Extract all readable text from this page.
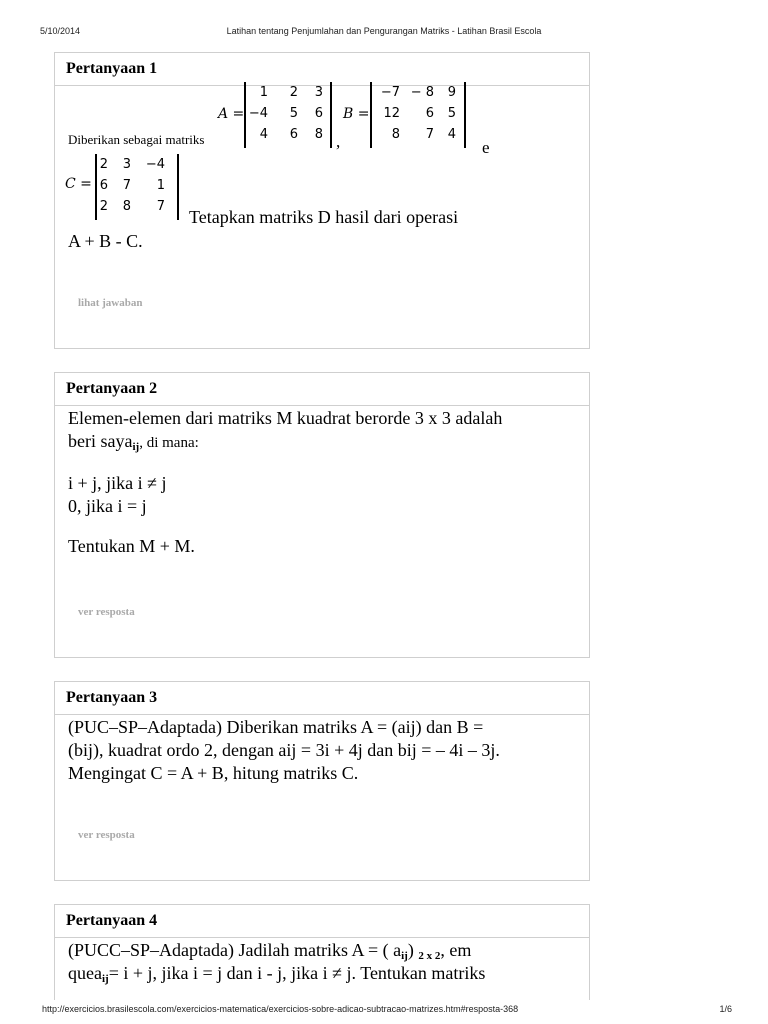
5/10/2014	Latihan tentang Penjumlahan dan Pengurangan Matriks - Latihan Brasil Escola
Pertanyaan 1
Diberikan sebagai matriks
A =
1 2 3
−4 5 6
4 6 8 ,
B =
−7 − 8 9
12 6 5
8 7 4
e
C =
2 3 −4
6 7 1
2 8 7
Tetapkan matriks D hasil dari operasi
A + B - C.
lihat jawaban
Pertanyaan 2

Elemen-elemen dari matriks M kuadrat berorde 3 x 3 adalah

beri saya$_{ij}$, di mana:

i + j, jika i ≠ j

0, jika i = j

Tentukan M + M.

ver resposta
Pertanyaan 3

(PUC–SP–Adaptada) Diberikan matriks A = (aij) dan B =

(bij), kuadrat ordo 2, dengan aij = 3i + 4j dan bij = – 4i – 3j.

Mengingat C = A + B, hitung matriks C.

ver resposta
Pertanyaan 4

(PUCC–SP–Adaptada) Jadilah matriks A = ( $a_{ij}$) $_{2 x 2}$, em

quea$_{ij}$= i + j, jika i = j dan i - j, jika i ≠ j. Tentukan matriks

http://exercicios.brasilescola.com/exercicios-matematica/exercicios-sobre-adicao-subtracao-matrizes.htm#resposta-368	1/6
